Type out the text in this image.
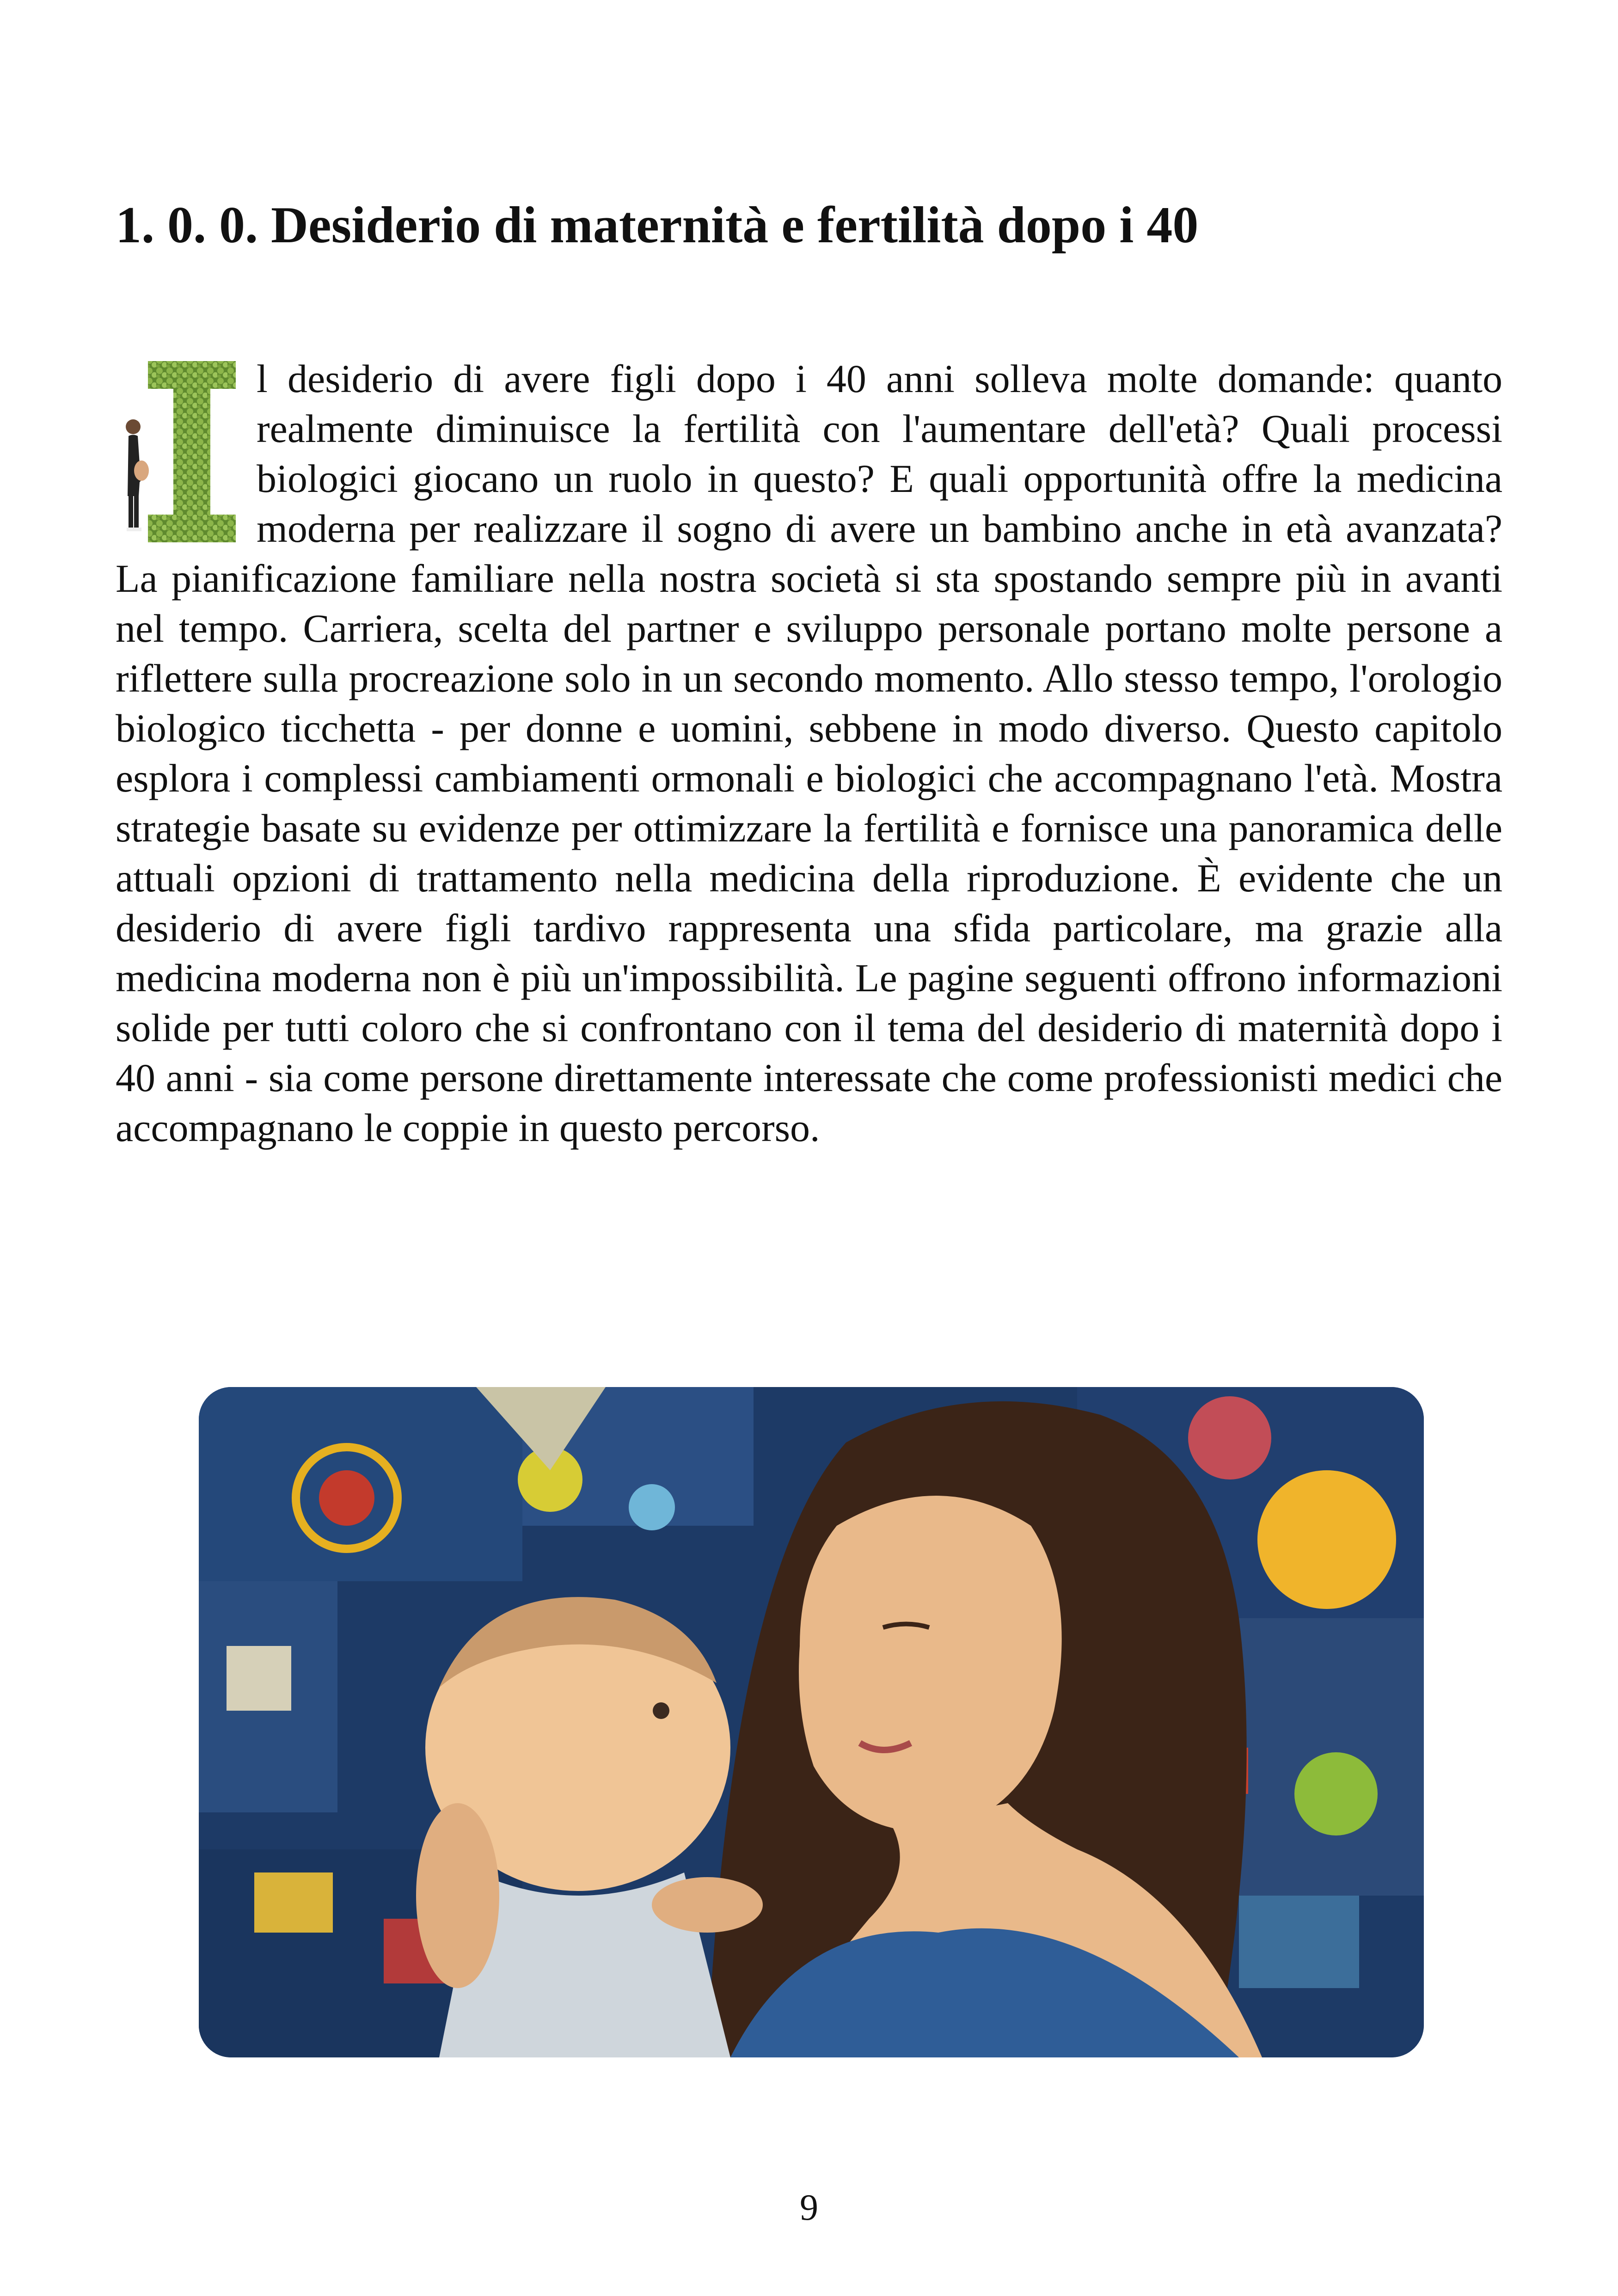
1. 0. 0. Desiderio di maternità e fertilità dopo i 40
l desiderio di avere figli dopo i 40 anni solleva molte domande: quanto realmente diminuisce la fertilità con l'aumentare dell'età? Quali processi biologici giocano un ruolo in questo? E quali opportunità offre la medicina moderna per realizzare il sogno di avere un bambino anche in età avanzata? La pianificazione familiare nella nostra società si sta spostando sempre più in avanti nel tempo. Carriera, scelta del partner e sviluppo personale portano molte persone a riflettere sulla procreazione solo in un secondo momento. Allo stesso tempo, l'orologio biologico ticchetta - per donne e uomini, sebbene in modo diverso. Questo capitolo esplora i complessi cambiamenti ormonali e biologici che accompagnano l'età. Mostra strategie basate su evidenze per ottimizzare la fertilità e fornisce una panoramica delle attuali opzioni di trattamento nella medicina della riproduzione. È evidente che un desiderio di avere figli tardivo rappresenta una sfida particolare, ma grazie alla medicina moderna non è più un'impossibilità. Le pagine seguenti offrono informazioni solide per tutti coloro che si confrontano con il tema del desiderio di maternità dopo i 40 anni - sia come persone direttamente interessate che come professionisti medici che accompagnano le coppie in questo percorso.
9
